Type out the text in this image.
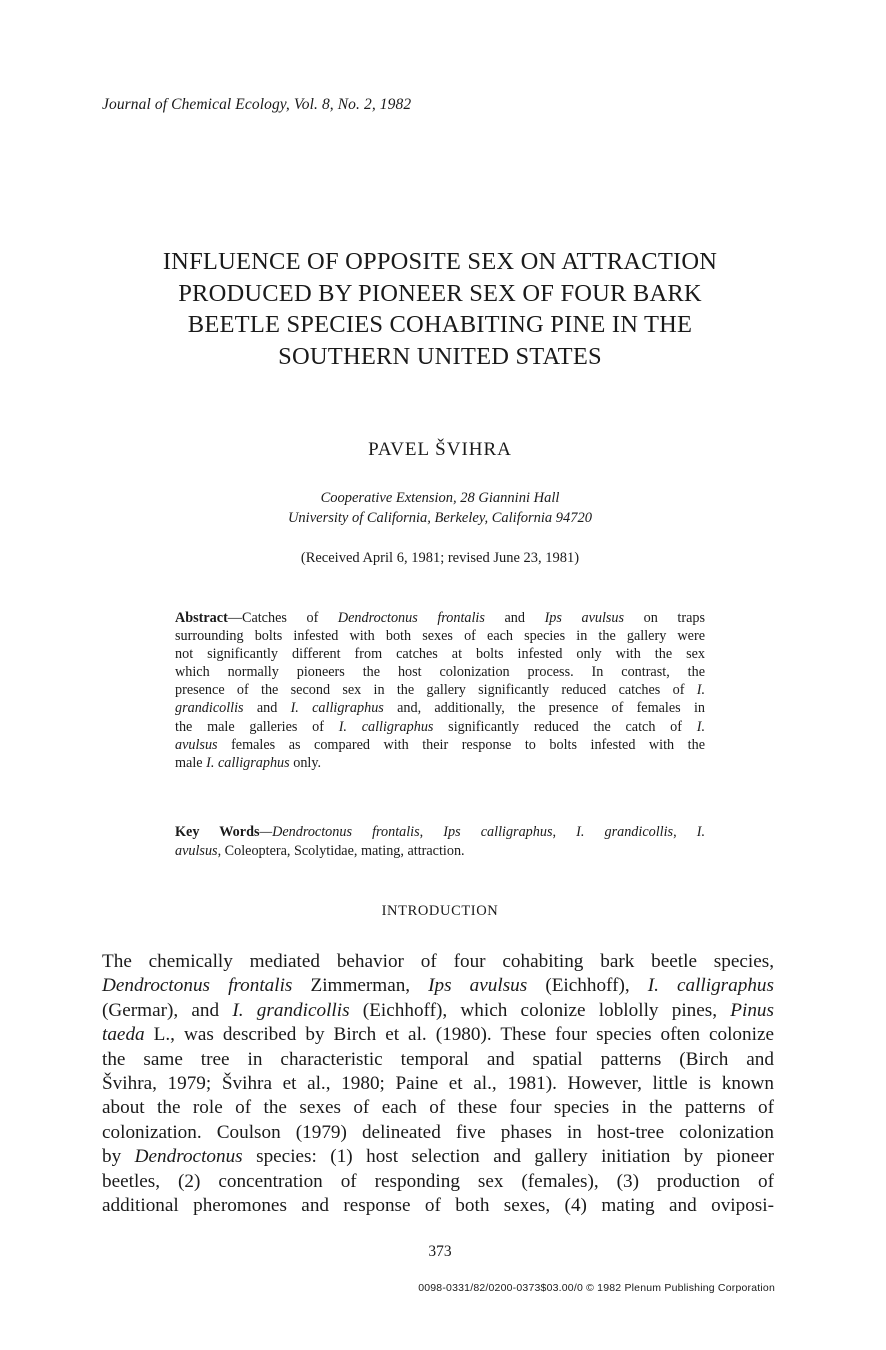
Journal of Chemical Ecology, Vol. 8, No. 2, 1982
INFLUENCE OF OPPOSITE SEX ON ATTRACTION
PRODUCED BY PIONEER SEX OF FOUR BARK
BEETLE SPECIES COHABITING PINE IN THE
SOUTHERN UNITED STATES
PAVEL ŠVIHRA
Cooperative Extension, 28 Giannini Hall
University of California, Berkeley, California 94720
(Received April 6, 1981; revised June 23, 1981)
Abstract—Catches of Dendroctonus frontalis and Ips avulsus on traps
surrounding bolts infested with both sexes of each species in the gallery were
not significantly different from catches at bolts infested only with the sex
which normally pioneers the host colonization process. In contrast, the
presence of the second sex in the gallery significantly reduced catches of I.
grandicollis and I. calligraphus and, additionally, the presence of females in
the male galleries of I. calligraphus significantly reduced the catch of I.
avulsus females as compared with their response to bolts infested with the
male I. calligraphus only.
Key Words—Dendroctonus frontalis, Ips calligraphus, I. grandicollis, I.
avulsus, Coleoptera, Scolytidae, mating, attraction.
INTRODUCTION
The chemically mediated behavior of four cohabiting bark beetle species,
Dendroctonus frontalis Zimmerman, Ips avulsus (Eichhoff), I. calligraphus
(Germar), and I. grandicollis (Eichhoff), which colonize loblolly pines, Pinus
taeda L., was described by Birch et al. (1980). These four species often colonize
the same tree in characteristic temporal and spatial patterns (Birch and
Švihra, 1979; Švihra et al., 1980; Paine et al., 1981). However, little is known
about the role of the sexes of each of these four species in the patterns of
colonization. Coulson (1979) delineated five phases in host-tree colonization
by Dendroctonus species: (1) host selection and gallery initiation by pioneer
beetles, (2) concentration of responding sex (females), (3) production of
additional pheromones and response of both sexes, (4) mating and oviposi-
373
0098-0331/82/0200-0373$03.00/0 © 1982 Plenum Publishing Corporation
